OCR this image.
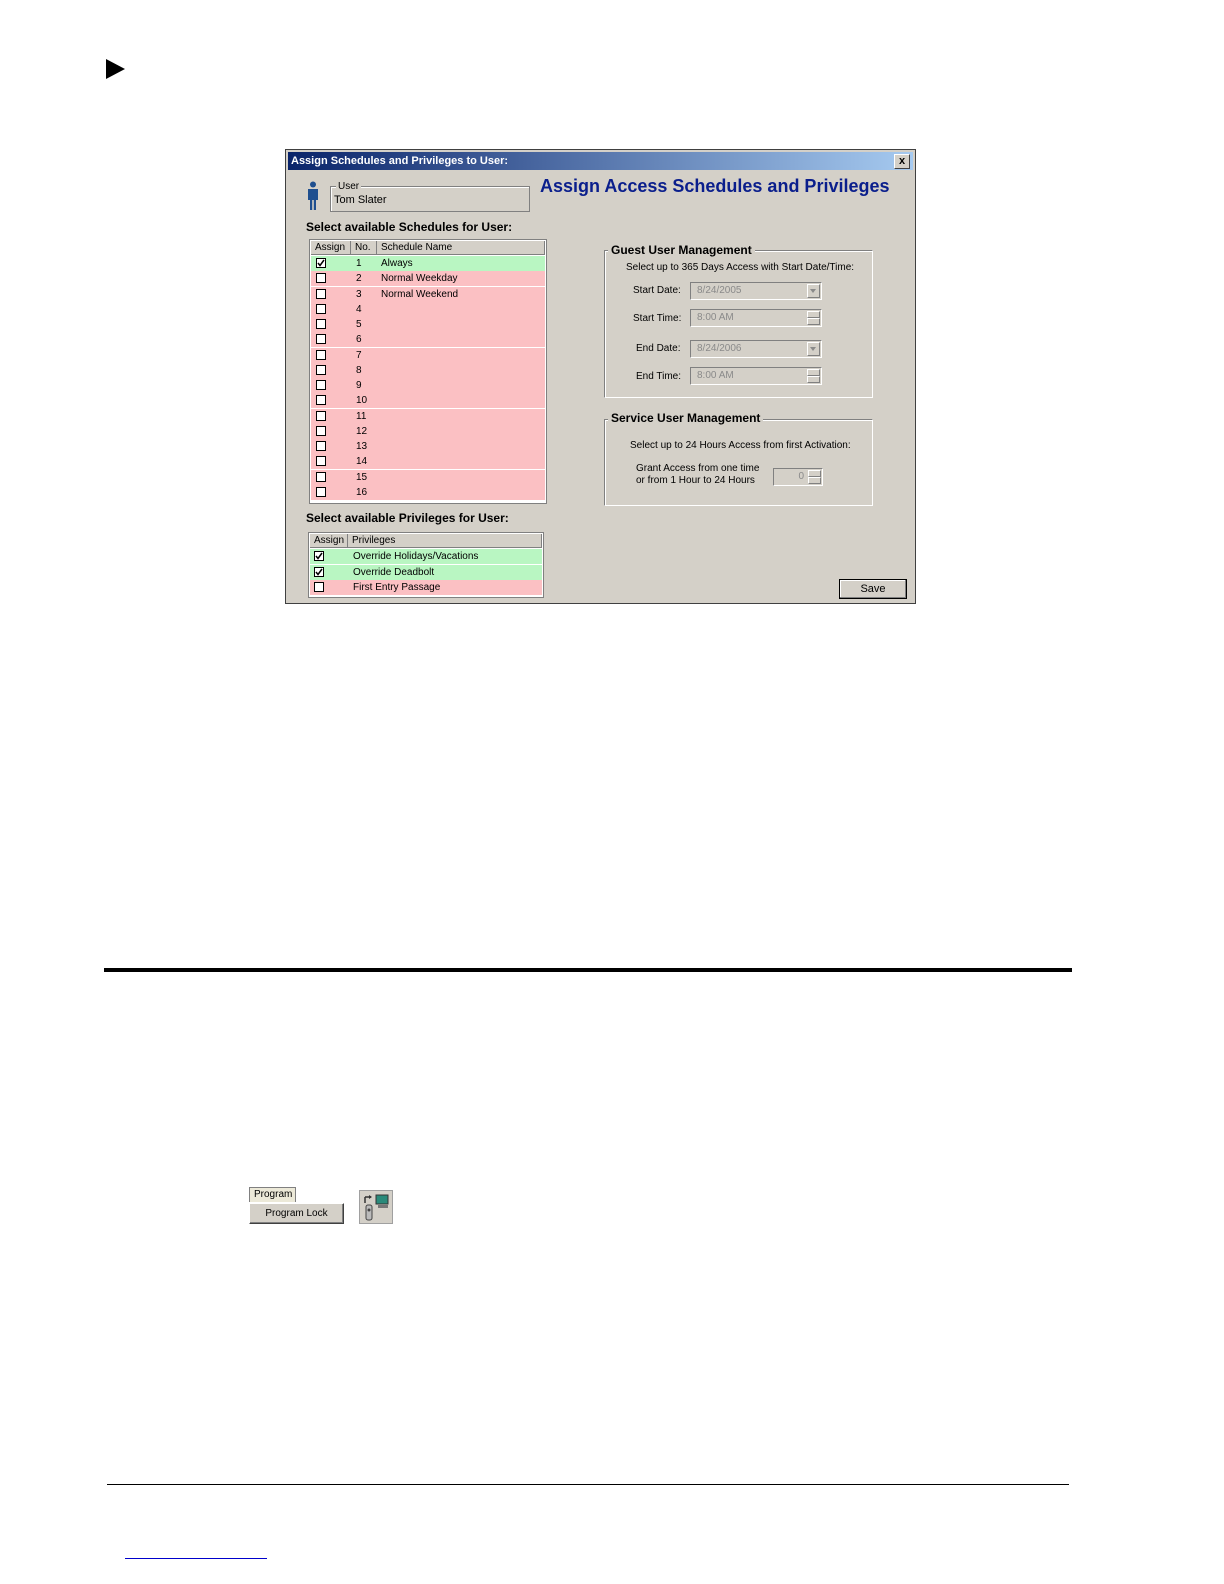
Assign Schedules and Privileges to User:	x
User
Tom Slater
Assign Access Schedules and Privileges
Select available Schedules for User:
Assign No.	Schedule Name
1 Always
2 Normal Weekday
3 Normal Weekend
4
5
6
7
8
9
10
11
12
13
14
15
16
Select available Privileges for User:
Assign Privileges
Override Holidays/Vacations
Override Deadbolt
First Entry Passage
Guest User Management
Select up to 365 Days Access with Start Date/Time:
Start Date:	8/24/2005
Start Time:	8:00 AM
End Date:	8/24/2006
End Time:	8:00 AM
Service User Management
Select up to 24 Hours Access from first Activation:
Grant Access from one time
or from 1 Hour to 24 Hours	0
Save
Program
Program Lock
